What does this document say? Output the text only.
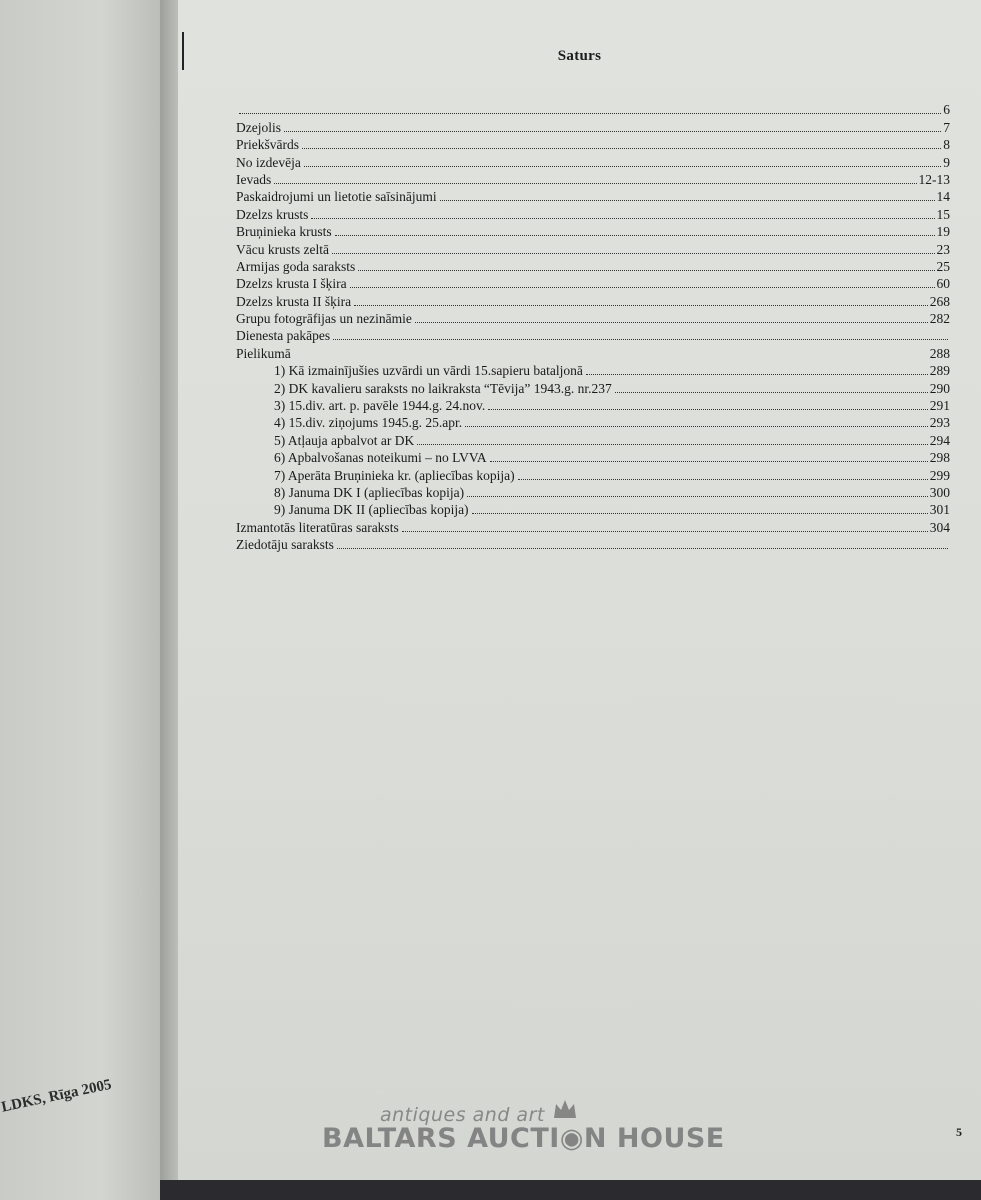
LDKS, Rīga 2005
Saturs
6
Dzejolis	7
Priekšvārds	8
No izdevēja	9
Ievads	12-13
Paskaidrojumi un lietotie saīsinājumi	14
Dzelzs krusts	15
Bruņinieka krusts	19
Vācu krusts zeltā	23
Armijas goda saraksts	25
Dzelzs krusta I šķira	60
Dzelzs krusta II šķira	268
Grupu fotogrāfijas un nezināmie	282
Dienesta pakāpes
Pielikumā	288
1) Kā izmainījušies uzvārdi un vārdi 15.sapieru bataljonā	289
2) DK kavalieru saraksts no laikraksta “Tēvija” 1943.g. nr.237	290
3) 15.div. art. p. pavēle 1944.g. 24.nov.	291
4) 15.div. ziņojums 1945.g. 25.apr.	293
5) Atļauja apbalvot ar DK	294
6) Apbalvošanas noteikumi – no LVVA	298
7) Aperāta Bruņinieka kr. (apliecības kopija)	299
8) Januma DK I (apliecības kopija)	300
9) Januma DK II (apliecības kopija)	301
Izmantotās literatūras saraksts	304
Ziedotāju saraksts
5
antiques and art
BALTARS AUCTI◉N HOUSE
